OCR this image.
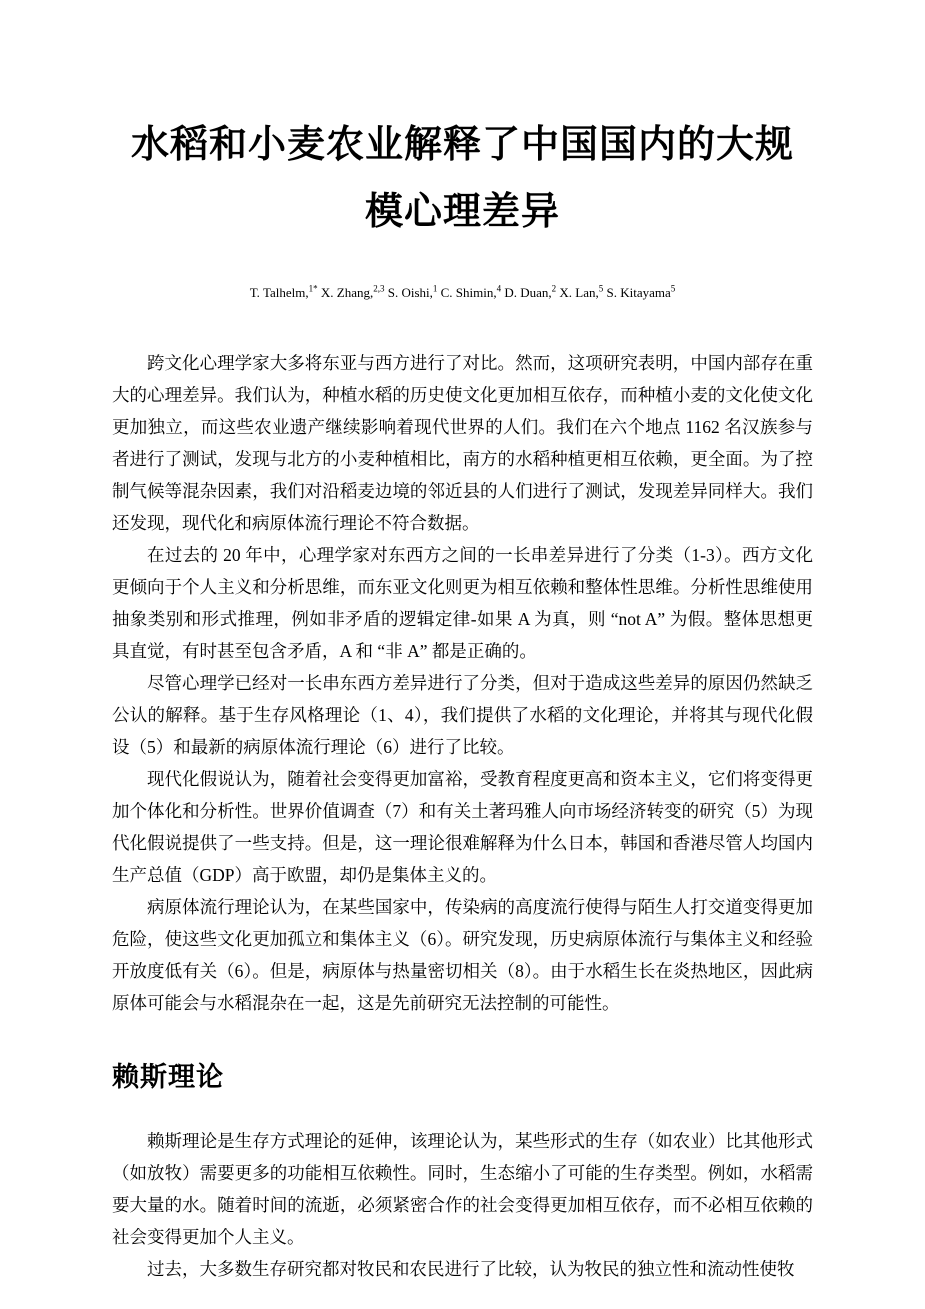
水稻和小麦农业解释了中国国内的大规模心理差异
T. Talhelm,$^{1*}$ X. Zhang,$^{2,3}$ S. Oishi,$^1$ C. Shimin,$^4$ D. Duan,$^2$ X. Lan,$^5$ S. Kitayama$^5$

跨文化心理学家大多将东亚与西方进行了对比。然而，这项研究表明，中国内部存在重大的心理差异。我们认为，种植水稻的历史使文化更加相互依存，而种植小麦的文化使文化更加独立，而这些农业遗产继续影响着现代世界的人们。我们在六个地点 1162 名汉族参与者进行了测试，发现与北方的小麦种植相比，南方的水稻种植更相互依赖，更全面。为了控制气候等混杂因素，我们对沿稻麦边境的邻近县的人们进行了测试，发现差异同样大。我们还发现，现代化和病原体流行理论不符合数据。

在过去的 20 年中，心理学家对东西方之间的一长串差异进行了分类（1-3）。西方文化更倾向于个人主义和分析思维，而东亚文化则更为相互依赖和整体性思维。分析性思维使用抽象类别和形式推理，例如非矛盾的逻辑定律-如果 A 为真，则 “not A” 为假。整体思想更具直觉，有时甚至包含矛盾，A 和 “非 A” 都是正确的。

尽管心理学已经对一长串东西方差异进行了分类，但对于造成这些差异的原因仍然缺乏公认的解释。基于生存风格理论（1、4），我们提供了水稻的文化理论，并将其与现代化假设（5）和最新的病原体流行理论（6）进行了比较。

现代化假说认为，随着社会变得更加富裕，受教育程度更高和资本主义，它们将变得更加个体化和分析性。世界价值调查（7）和有关土著玛雅人向市场经济转变的研究（5）为现代化假说提供了一些支持。但是，这一理论很难解释为什么日本，韩国和香港尽管人均国内生产总值（GDP）高于欧盟，却仍是集体主义的。

病原体流行理论认为，在某些国家中，传染病的高度流行使得与陌生人打交道变得更加危险，使这些文化更加孤立和集体主义（6）。研究发现，历史病原体流行与集体主义和经验开放度低有关（6）。但是，病原体与热量密切相关（8）。由于水稻生长在炎热地区，因此病原体可能会与水稻混杂在一起，这是先前研究无法控制的可能性。

赖斯理论

赖斯理论是生存方式理论的延伸，该理论认为，某些形式的生存（如农业）比其他形式（如放牧）需要更多的功能相互依赖性。同时，生态缩小了可能的生存类型。例如，水稻需要大量的水。随着时间的流逝，必须紧密合作的社会变得更加相互依存，而不必相互依赖的社会变得更加个人主义。

过去，大多数生存研究都对牧民和农民进行了比较，认为牧民的独立性和流动性使牧
